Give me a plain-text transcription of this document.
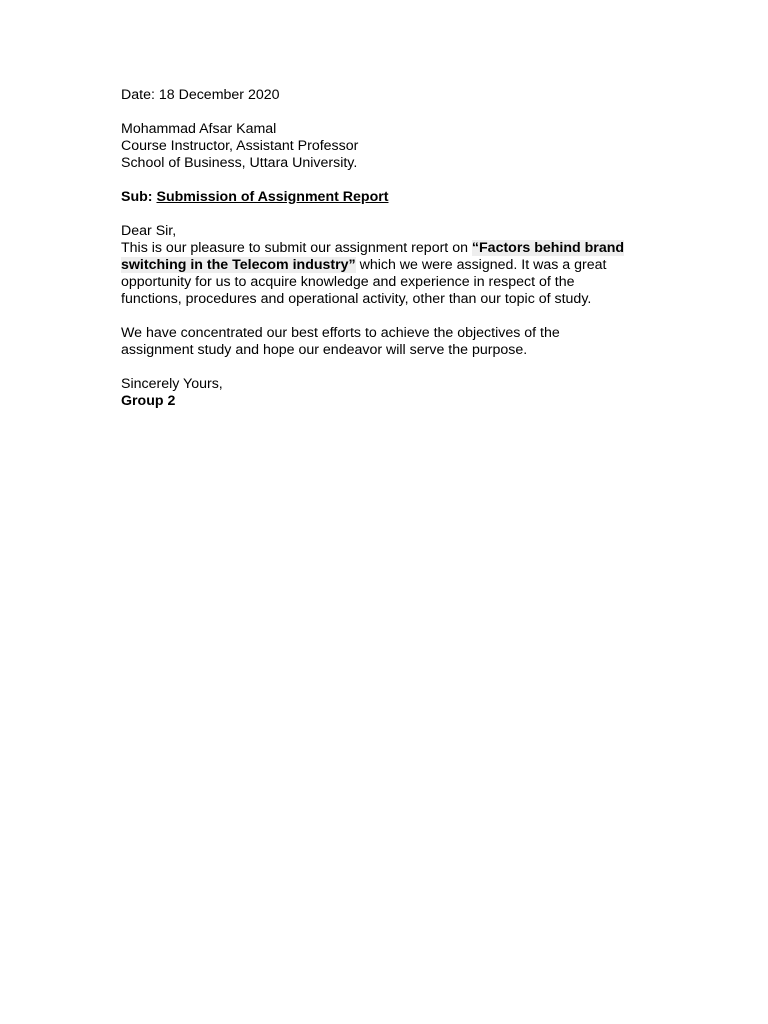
Date: 18 December 2020
Mohammad Afsar Kamal
Course Instructor, Assistant Professor
School of Business, Uttara University.
Sub: Submission of Assignment Report
Dear Sir,
This is our pleasure to submit our assignment report on “Factors behind brand
switching in the Telecom industry” which we were assigned. It was a great
opportunity for us to acquire knowledge and experience in respect of the
functions, procedures and operational activity, other than our topic of study.
We have concentrated our best efforts to achieve the objectives of the
assignment study and hope our endeavor will serve the purpose.
Sincerely Yours,
Group 2
